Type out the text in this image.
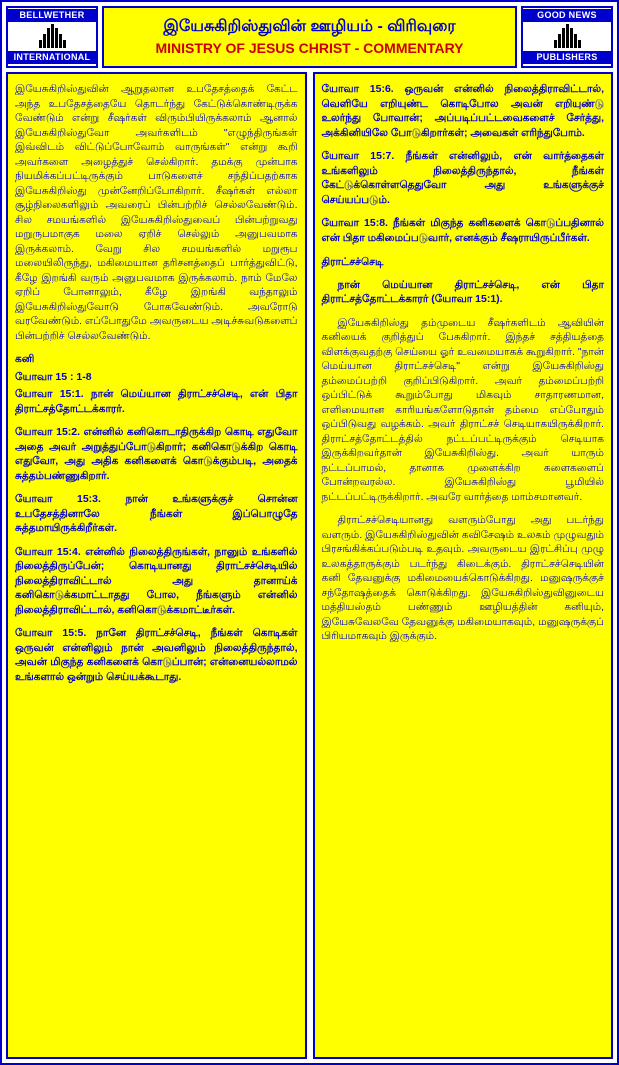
BELLWETHER
INTERNATIONAL
இயேசுகிறிஸ்துவின் ஊழியம் - விரிவுரை
MINISTRY OF JESUS CHRIST - COMMENTARY
GOOD NEWS
PUBLISHERS

இயேசுகிறிஸ்துவின் ஆறுதலான உபதேசத்தைக் கேட்ட அந்த உபதேசத்தையே தொடர்ந்து கேட்டுக்கொண்டிருக்க வேண்டும் என்று சீஷர்கள் விரும்பியிருக்கலாம் ஆனால் இயேசுகிறிஸ்துவோ அவர்களிடம் "எழுந்திருங்கள் இவ்விடம் விட்டுப்போவோம் வாருங்கள்" என்று கூறி அவர்களை அழைத்துச் செல்கிறார். தமக்கு முன்பாக நியமிக்கப்பட்டிருக்கும் பாடுகளைச் சந்திப்பதற்காக இயேசுகிறிஸ்து முன்னேறிப்போகிறார். சீஷர்கள் எல்லா சூழ்நிலைகளிலும் அவரைப் பின்பற்றிச் செல்லவேண்டும். சில சமயங்களில் இயேசுகிறிஸ்துவைப் பின்பற்றுவது மறுருபமாகுக மலை ஏறிச் செல்லும் அனுபவமாக இருக்கலாம். வேறு சில சமயங்களில் மறுரூப மலையிலிருந்து, மகிமையான தரிசனத்தைப் பார்த்துவிட்டு, கீழே இறங்கி வரும் அனுபவமாக இருக்கலாம். நாம் மேலே ஏறிப் போனாலும், கீழே இறங்கி வந்தாலும் இயேசுகிறிஸ்துவோடு போகவேண்டும். அவரோடு வரவேண்டும். எப்போதுமே அவருடைய அடிச்சுவடுகளைப் பின்பற்றிச் செல்லவேண்டும்.

கனி

யோவா 15 : 1-8

யோவா 15:1. நான் மெய்யான திராட்சச்செடி, என் பிதா திராட்சத்தோட்டக்காரர்.

யோவா 15:2. என்னில் கனிகொடாதிருக்கிற கொடி எதுவோ அதை அவர் அறுத்துப்போடுகிறார்; கனிகொடுக்கிற கொடி எதுவோ, அது அதிக கனிகளைக் கொடுக்கும்படி, அதைக் சுத்தம்பண்ணுகிறார்.

யோவா 15:3. நான் உங்களுக்குச் சொன்ன உபதேசத்தினாலே நீங்கள் இப்பொழுதே சுத்தமாயிருக்கிறீர்கள்.

யோவா 15:4. என்னில் நிலைத்திருங்கள், நானும் உங்களில் நிலைத்திருப்பேன்; கொடியானது திராட்சச்செடியில் நிலைத்திராவிட்டால் அது தானாய்க் கனிகொடுக்கமாட்டாதது போல, நீங்களும் என்னில் நிலைத்திராவிட்டால், கனிகொடுக்கமாட்டீர்கள்.

யோவா 15:5. நானே திராட்சச்செடி, நீங்கள் கொடிகள் ஒருவன் என்னிலும் நான் அவனிலும் நிலைத்திருந்தால், அவன் மிகுந்த கனிகளைக் கொடுப்பான்; என்னையல்லாமல் உங்களால் ஒன்றும் செய்யக்கூடாது.

யோவா 15:6. ஒருவன் என்னில் நிலைத்திராவிட்டால், வெளியே எறியுண்ட கொடிபோல அவன் எறியுண்டு உலர்ந்து போவான்; அப்படிப்பட்டவைகளைச் சேர்த்து, அக்கினியிலே போடுகிறார்கள்; அவைகள் எரிந்துபோம்.

யோவா 15:7. நீங்கள் என்னிலும், என் வார்த்தைகள் உங்களிலும் நிலைத்திருந்தால், நீங்கள் கேட்டுக்கொள்ளதெதுவோ அது உங்களுக்குச் செய்யப்படும்.

யோவா 15:8. நீங்கள் மிகுந்த கனிகளைக் கொடுப்பதினால் என் பிதா மகிமைப்படுவார், எனக்கும் சீஷராயிருப்பீர்கள்.

திராட்சச்செடி

நான் மெய்யான திராட்சச்செடி, என் பிதா திராட்சத்தோட்டக்காரர் (யோவா 15:1).

இயேசுகிறிஸ்து தம்முடைய சீஷர்களிடம் ஆவியின் கனியைக் குறித்துப் பேசுகிறார். இந்தச் சத்தியத்தை விளக்குவதற்கு செய்யை ஓர் உவமையாகக் கூறுகிறார். "நான் மெய்யான திராட்சச்செடி" என்று இயேசுகிறிஸ்து தம்மைப்பற்றி குறிப்பிடுகிறார். அவர் தம்மைப்பற்றி ஒப்பிட்டுக் கூறும்போது மிகவும் சாதாரணமான, எளிமையான காரியங்களோடுதான் தம்மை எப்போதும் ஒப்பிடுவது வழக்கம். அவர் திராட்சச் செடியாகயிருக்கிறார். திராட்சத்தோட்டத்தில் நட்டப்பட்டிருக்கும் செடியாக இருக்கிறவர்தான் இயேசுகிறிஸ்து. அவர் யாரும் நட்டப்பாமல், தானாக முளைக்கிற களைகளைப் போன்றவரல்ல. இயேசுகிறிஸ்து பூமியில் நட்டப்பட்டிருக்கிறார். அவரே வார்த்தை மாம்சமானவர்.

திராட்சச்செடியானது வளரும்போது அது படர்ந்து வளரும். இயேசுகிறிஸ்துவின் கவிசேஷம் உலகம் முழுவதும் பிரசங்கிக்கப்படும்படி உதவும். அவருடைய இரட்சிப்பு முழு உலகத்தாருக்கும் படர்ந்து கிடைக்கும். திராட்சச்செடியின் கனி தேவனுக்கு மகிமையைக்கொடுக்கிறது. மனுஷருக்குச் சந்தோஷத்தைக் கொடுக்கிறது. இயேசுகிறிஸ்துவினுடைய மத்தியஸ்தம் பண்ணும் ஊழியத்தின் கனியும், இயேசுவேலவே தேவனுக்கு மகிமையாகவும், மனுஷருக்குப் பிரியமாகவும் இருக்கும்.
